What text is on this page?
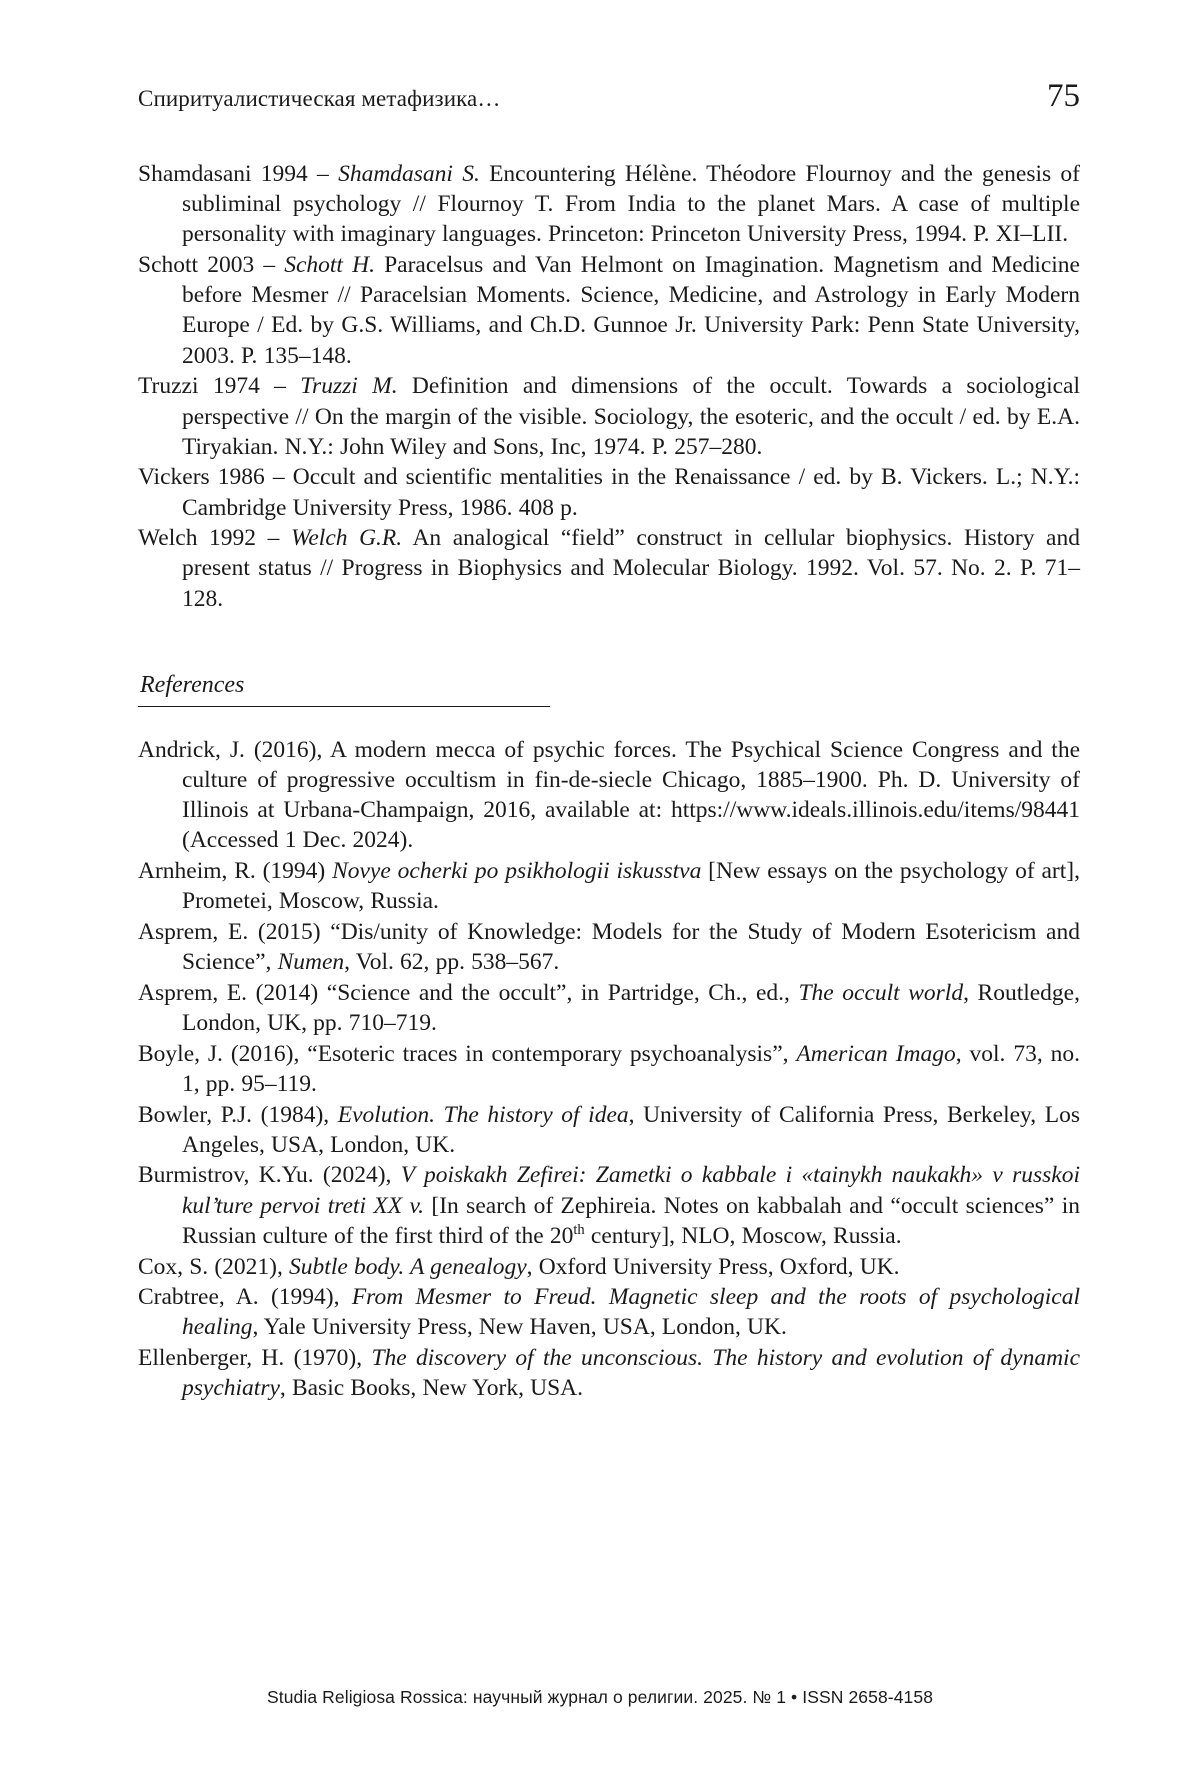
Спиритуалистическая метафизика…	75

Shamdasani 1994 – Shamdasani S. Encountering Hélène. Théodore Flournoy and the genesis of subliminal psychology // Flournoy T. From India to the planet Mars. A case of multiple personality with imaginary languages. Princeton: Princeton University Press, 1994. P. XI–LII.

Schott 2003 – Schott H. Paracelsus and Van Helmont on Imagination. Magnetism and Medicine before Mesmer // Paracelsian Moments. Science, Medicine, and Astrology in Early Modern Europe / Ed. by G.S. Williams, and Ch.D. Gunnoe Jr. University Park: Penn State University, 2003. P. 135–148.

Truzzi 1974 – Truzzi M. Definition and dimensions of the occult. Towards a sociological perspective // On the margin of the visible. Sociology, the esoteric, and the occult / ed. by E.A. Tiryakian. N.Y.: John Wiley and Sons, Inc, 1974. P. 257–280.

Vickers 1986 – Occult and scientific mentalities in the Renaissance / ed. by B. Vickers. L.; N.Y.: Cambridge University Press, 1986. 408 p.

Welch 1992 – Welch G.R. An analogical “field” construct in cellular biophysics. History and present status // Progress in Biophysics and Molecular Biology. 1992. Vol. 57. No. 2. P. 71–128.

References

Andrick, J. (2016), A modern mecca of psychic forces. The Psychical Science Congress and the culture of progressive occultism in fin-de-siecle Chicago, 1885–1900. Ph. D. University of Illinois at Urbana-Champaign, 2016, available at: https://www.ideals.illinois.edu/items/98441 (Accessed 1 Dec. 2024).

Arnheim, R. (1994) Novye ocherki po psikhologii iskusstva [New essays on the psychology of art], Prometei, Moscow, Russia.

Asprem, E. (2015) “Dis/unity of Knowledge: Models for the Study of Modern Esotericism and Science”, Numen, Vol. 62, pp. 538–567.

Asprem, E. (2014) “Science and the occult”, in Partridge, Ch., ed., The occult world, Routledge, London, UK, pp. 710–719.

Boyle, J. (2016), “Esoteric traces in contemporary psychoanalysis”, American Imago, vol. 73, no. 1, pp. 95–119.

Bowler, P.J. (1984), Evolution. The history of idea, University of California Press, Berkeley, Los Angeles, USA, London, UK.

Burmistrov, K.Yu. (2024), V poiskakh Zefirei: Zametki o kabbale i «tainykh naukakh» v russkoi kul’ture pervoi treti XX v. [In search of Zephireia. Notes on kabbalah and “occult sciences” in Russian culture of the first third of the 20th century], NLO, Moscow, Russia.

Cox, S. (2021), Subtle body. A genealogy, Oxford University Press, Oxford, UK.

Crabtree, A. (1994), From Mesmer to Freud. Magnetic sleep and the roots of psychological healing, Yale University Press, New Haven, USA, London, UK.

Ellenberger, H. (1970), The discovery of the unconscious. The history and evolution of dynamic psychiatry, Basic Books, New York, USA.

Studia Religiosa Rossica: научный журнал о религии. 2025. № 1 • ISSN 2658-4158
